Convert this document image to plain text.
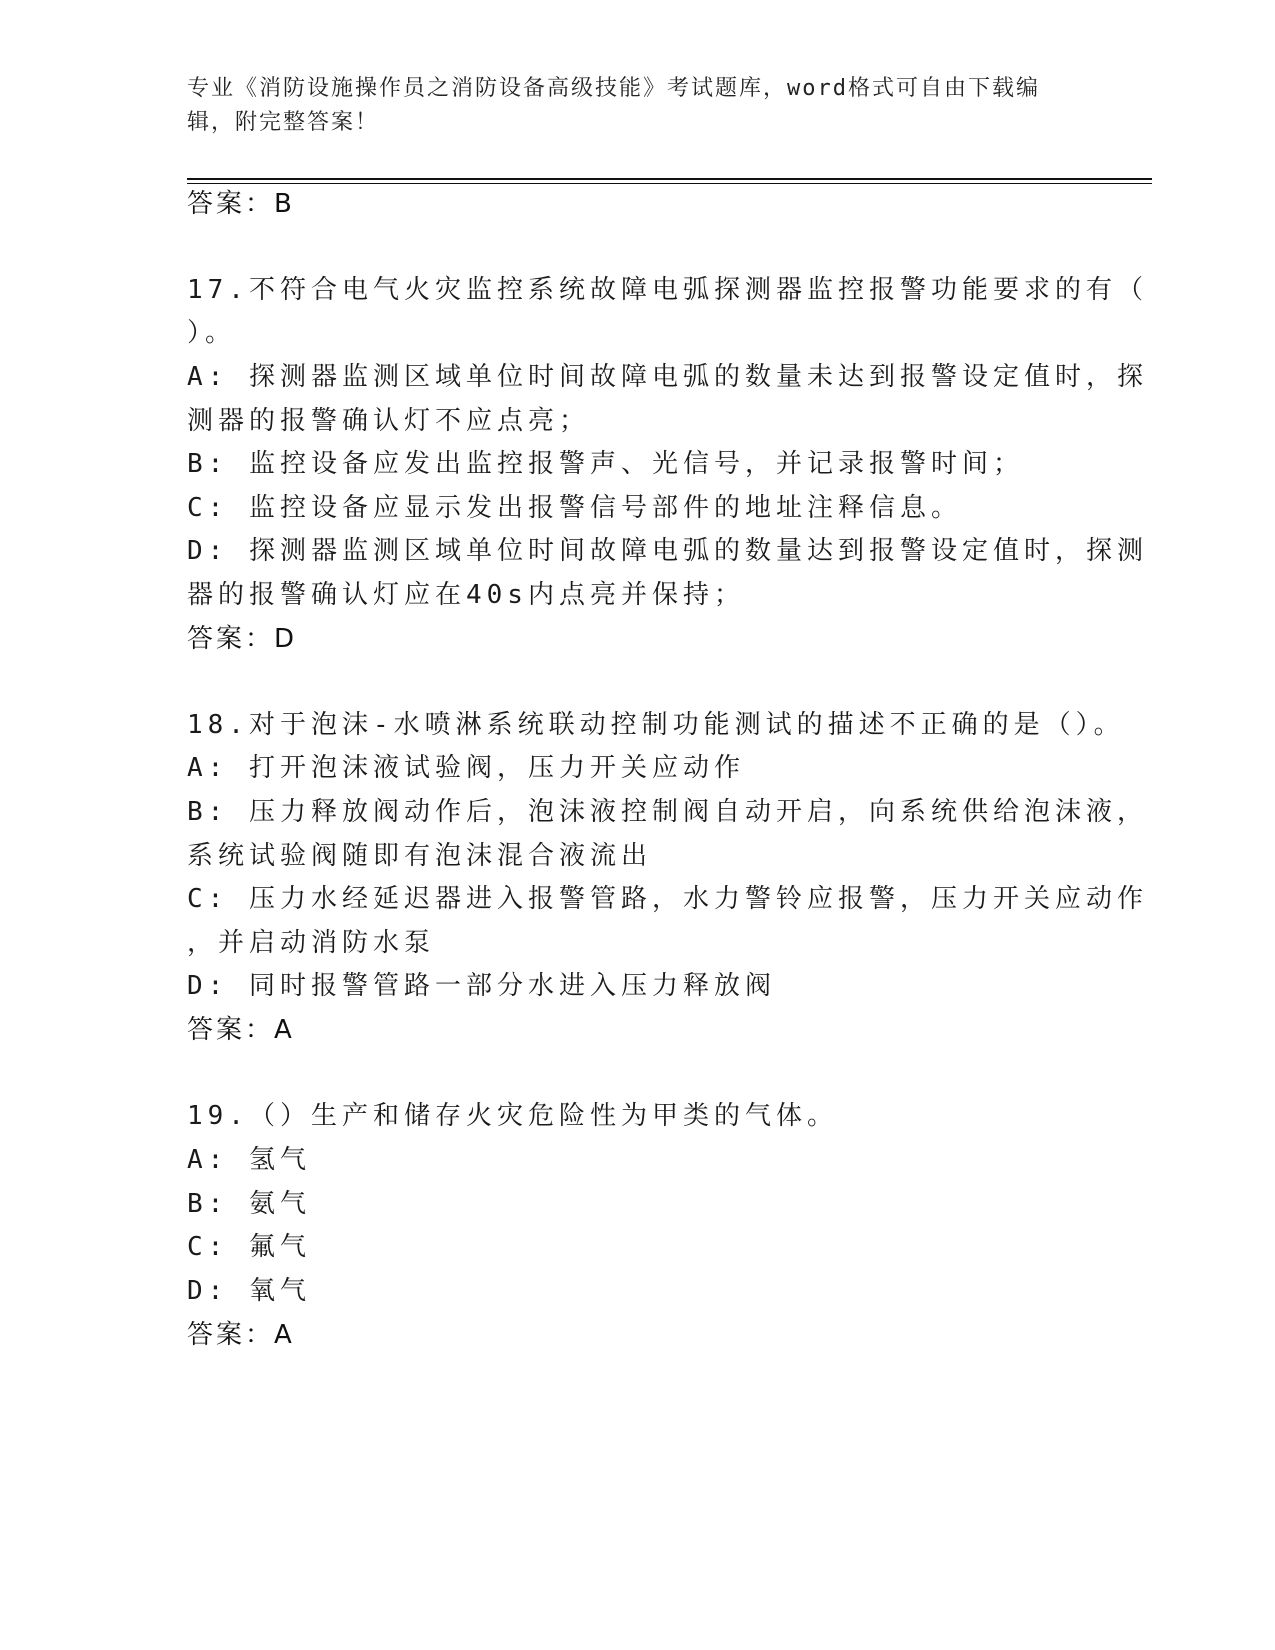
专业《消防设施操作员之消防设备高级技能》考试题库，word格式可自由下载编
辑，附完整答案！
答案：B
17.不符合电气火灾监控系统故障电弧探测器监控报警功能要求的有（
）。
A: 探测器监测区域单位时间故障电弧的数量未达到报警设定值时，探
测器的报警确认灯不应点亮；
B: 监控设备应发出监控报警声、光信号，并记录报警时间；
C: 监控设备应显示发出报警信号部件的地址注释信息。
D: 探测器监测区域单位时间故障电弧的数量达到报警设定值时，探测
器的报警确认灯应在40s内点亮并保持；
答案：D
18.对于泡沫-水喷淋系统联动控制功能测试的描述不正确的是（）。
A: 打开泡沫液试验阀，压力开关应动作
B: 压力释放阀动作后，泡沫液控制阀自动开启，向系统供给泡沫液，
系统试验阀随即有泡沫混合液流出
C: 压力水经延迟器进入报警管路，水力警铃应报警，压力开关应动作
，并启动消防水泵
D: 同时报警管路一部分水进入压力释放阀
答案：A
19.（）生产和储存火灾危险性为甲类的气体。
A: 氢气
B: 氨气
C: 氟气
D: 氧气
答案：A
